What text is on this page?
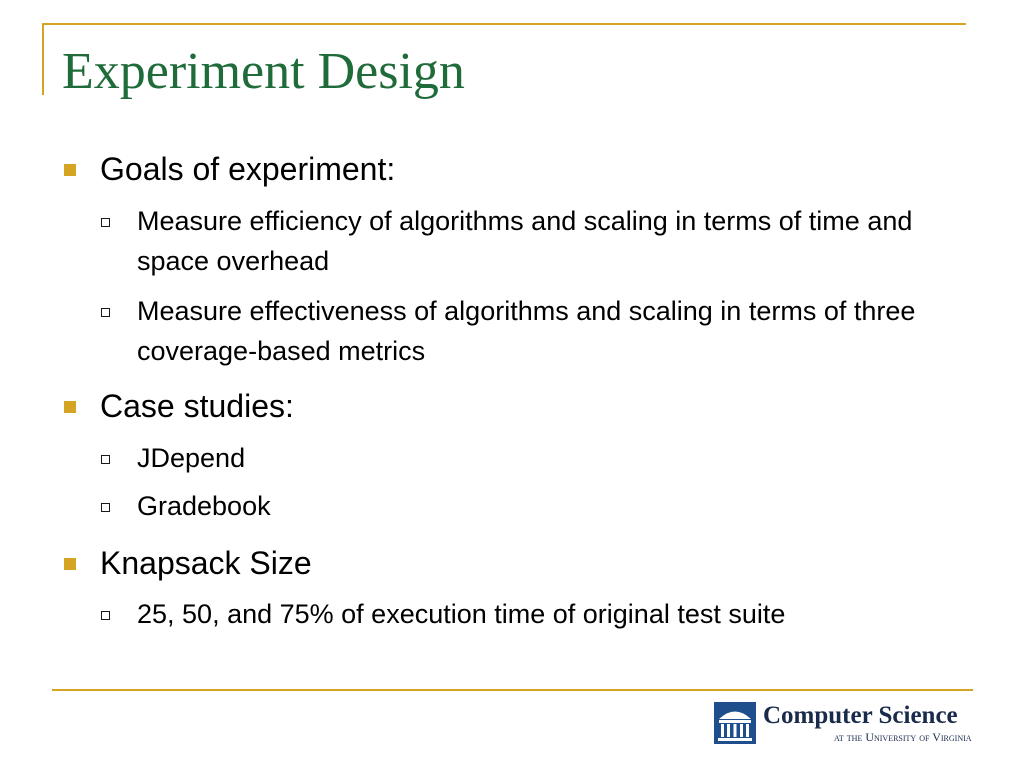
Experiment Design
Goals of experiment:
Measure efficiency of algorithms and scaling in terms of time and space overhead
Measure effectiveness of algorithms and scaling in terms of three coverage-based metrics
Case studies:
JDepend
Gradebook
Knapsack Size
25, 50, and 75% of execution time of original test suite
Computer Science
at the University of Virginia
